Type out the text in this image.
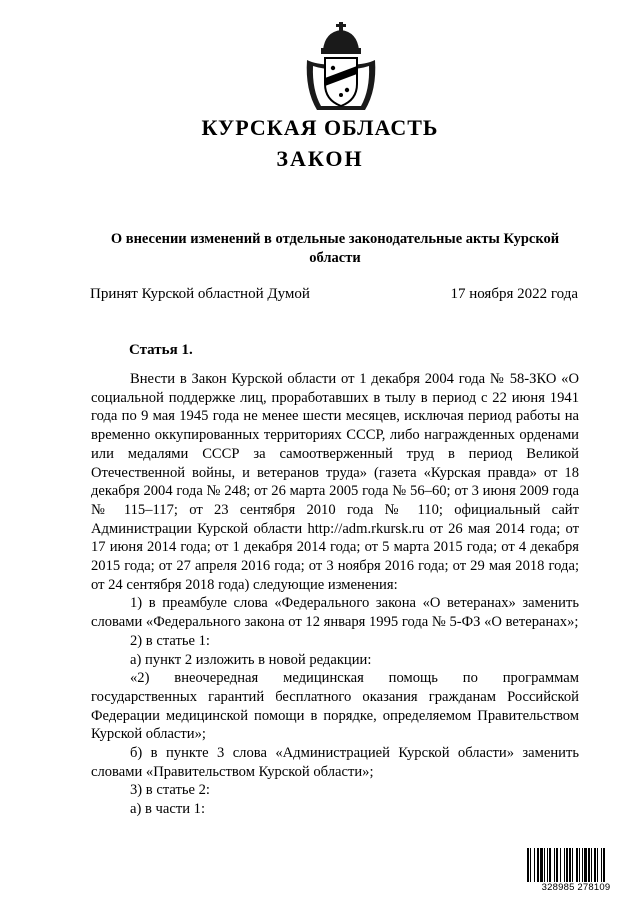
КУРСКАЯ ОБЛАСТЬ
ЗАКОН
О внесении изменений в отдельные законодательные акты Курской области
Принят Курской областной Думой	17 ноября 2022 года
Статья 1.

Внести в Закон Курской области от 1 декабря 2004 года № 58-ЗКО «О социальной поддержке лиц, проработавших в тылу в период с 22 июня 1941 года по 9 мая 1945 года не менее шести месяцев, исключая период работы на временно оккупированных территориях СССР, либо награжденных орденами или медалями СССР за самоотверженный труд в период Великой Отечественной войны, и ветеранов труда» (газета «Курская правда» от 18 декабря 2004 года № 248; от 26 марта 2005 года № 56–60; от 3 июня 2009 года № 115–117; от 23 сентября 2010 года № 110; официальный сайт Администрации Курской области http://adm.rkursk.ru от 26 мая 2014 года; от 17 июня 2014 года; от 1 декабря 2014 года; от 5 марта 2015 года; от 4 декабря 2015 года; от 27 апреля 2016 года; от 3 ноября 2016 года; от 29 мая 2018 года; от 24 сентября 2018 года) следующие изменения:

1) в преамбуле слова «Федерального закона «О ветеранах» заменить словами «Федерального закона от 12 января 1995 года № 5-ФЗ «О ветеранах»;

2) в статье 1:

а) пункт 2 изложить в новой редакции:

«2) внеочередная медицинская помощь по программам государственных гарантий бесплатного оказания гражданам Российской Федерации медицинской помощи в порядке, определяемом Правительством Курской области»;

б) в пункте 3 слова «Администрацией Курской области» заменить словами «Правительством Курской области»;

3) в статье 2:

а) в части 1:

328985 278109
